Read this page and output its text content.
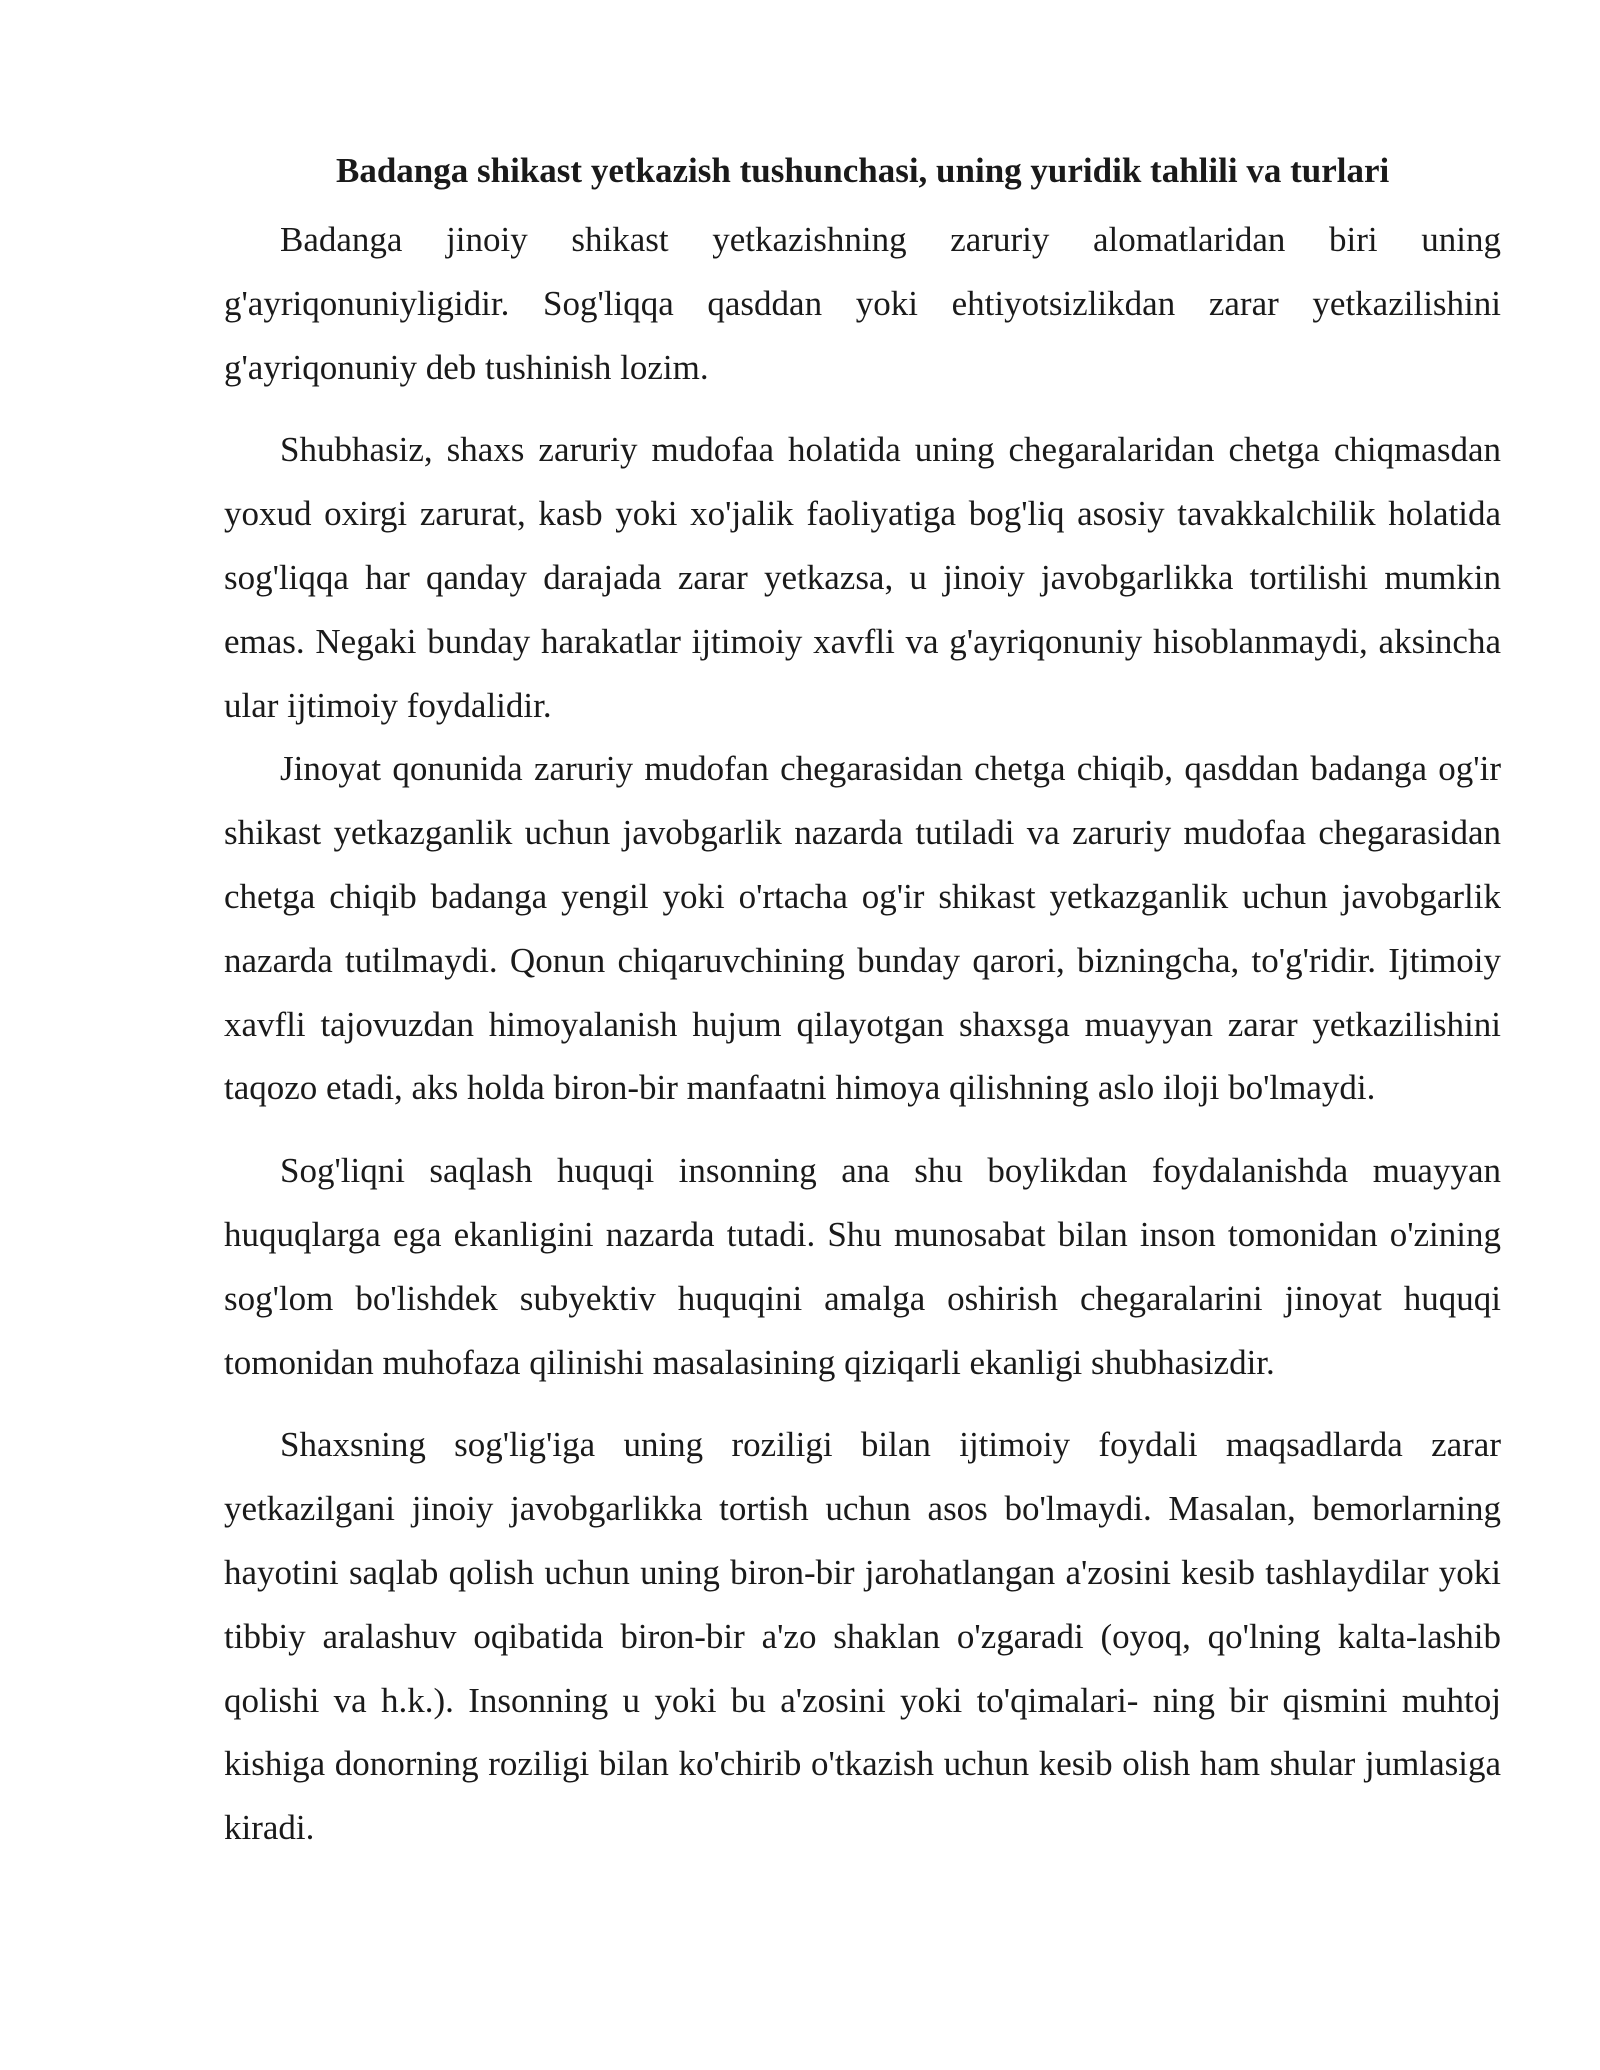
Badanga shikast yetkazish tushunchasi, uning yuridik tahlili va turlari

Badanga jinoiy shikast yetkazishning zaruriy alomatlaridan biri uning g'ayriqonuniyligidir. Sog'liqqa qasddan yoki ehtiyotsizlikdan zarar yetkazilishini g'ayriqonuniy deb tushinish lozim.

Shubhasiz, shaxs zaruriy mudofaa holatida uning chegaralaridan chetga chiqmasdan yoxud oxirgi zarurat, kasb yoki xo'jalik faoliyatiga bog'liq asosiy tavakkalchilik holatida sog'liqqa har qanday darajada zarar yetkazsa, u jinoiy javobgarlikka tortilishi mumkin emas. Negaki bunday harakatlar ijtimoiy xavfli va g'ayriqonuniy hisoblanmaydi, aksincha ular ijtimoiy foydalidir.

Jinoyat qonunida zaruriy mudofan chegarasidan chetga chiqib, qasddan badanga og'ir shikast yetkazganlik uchun javobgarlik nazarda tutiladi va zaruriy mudofaa chegarasidan chetga chiqib badanga yengil yoki o'rtacha og'ir shikast yetkazganlik uchun javobgarlik nazarda tutilmaydi. Qonun chiqaruvchining bunday qarori, bizningcha, to'g'ridir. Ijtimoiy xavfli tajovuzdan himoyalanish hujum qilayotgan shaxsga muayyan zarar yetkazilishini taqozo etadi, aks holda biron-bir manfaatni himoya qilishning aslo iloji bo'lmaydi.

Sog'liqni saqlash huquqi insonning ana shu boylikdan foydalanishda muayyan huquqlarga ega ekanligini nazarda tutadi. Shu munosabat bilan inson tomonidan o'zining sog'lom bo'lishdek subyektiv huquqini amalga oshirish chegaralarini jinoyat huquqi tomonidan muhofaza qilinishi masalasining qiziqarli ekanligi shubhasizdir.

Shaxsning sog'lig'iga uning roziligi bilan ijtimoiy foydali maqsadlarda zarar yetkazilgani jinoiy javobgarlikka tortish uchun asos bo'lmaydi. Masalan, bemorlarning hayotini saqlab qolish uchun uning biron-bir jarohatlangan a'zosini kesib tashlaydilar yoki tibbiy aralashuv oqibatida biron-bir a'zo shaklan o'zgaradi (oyoq, qo'lning kalta-lashib qolishi va h.k.). Insonning u yoki bu a'zosini yoki to'qimalari- ning bir qismini muhtoj kishiga donorning roziligi bilan ko'chirib o'tkazish uchun kesib olish ham shular jumlasiga kiradi.
